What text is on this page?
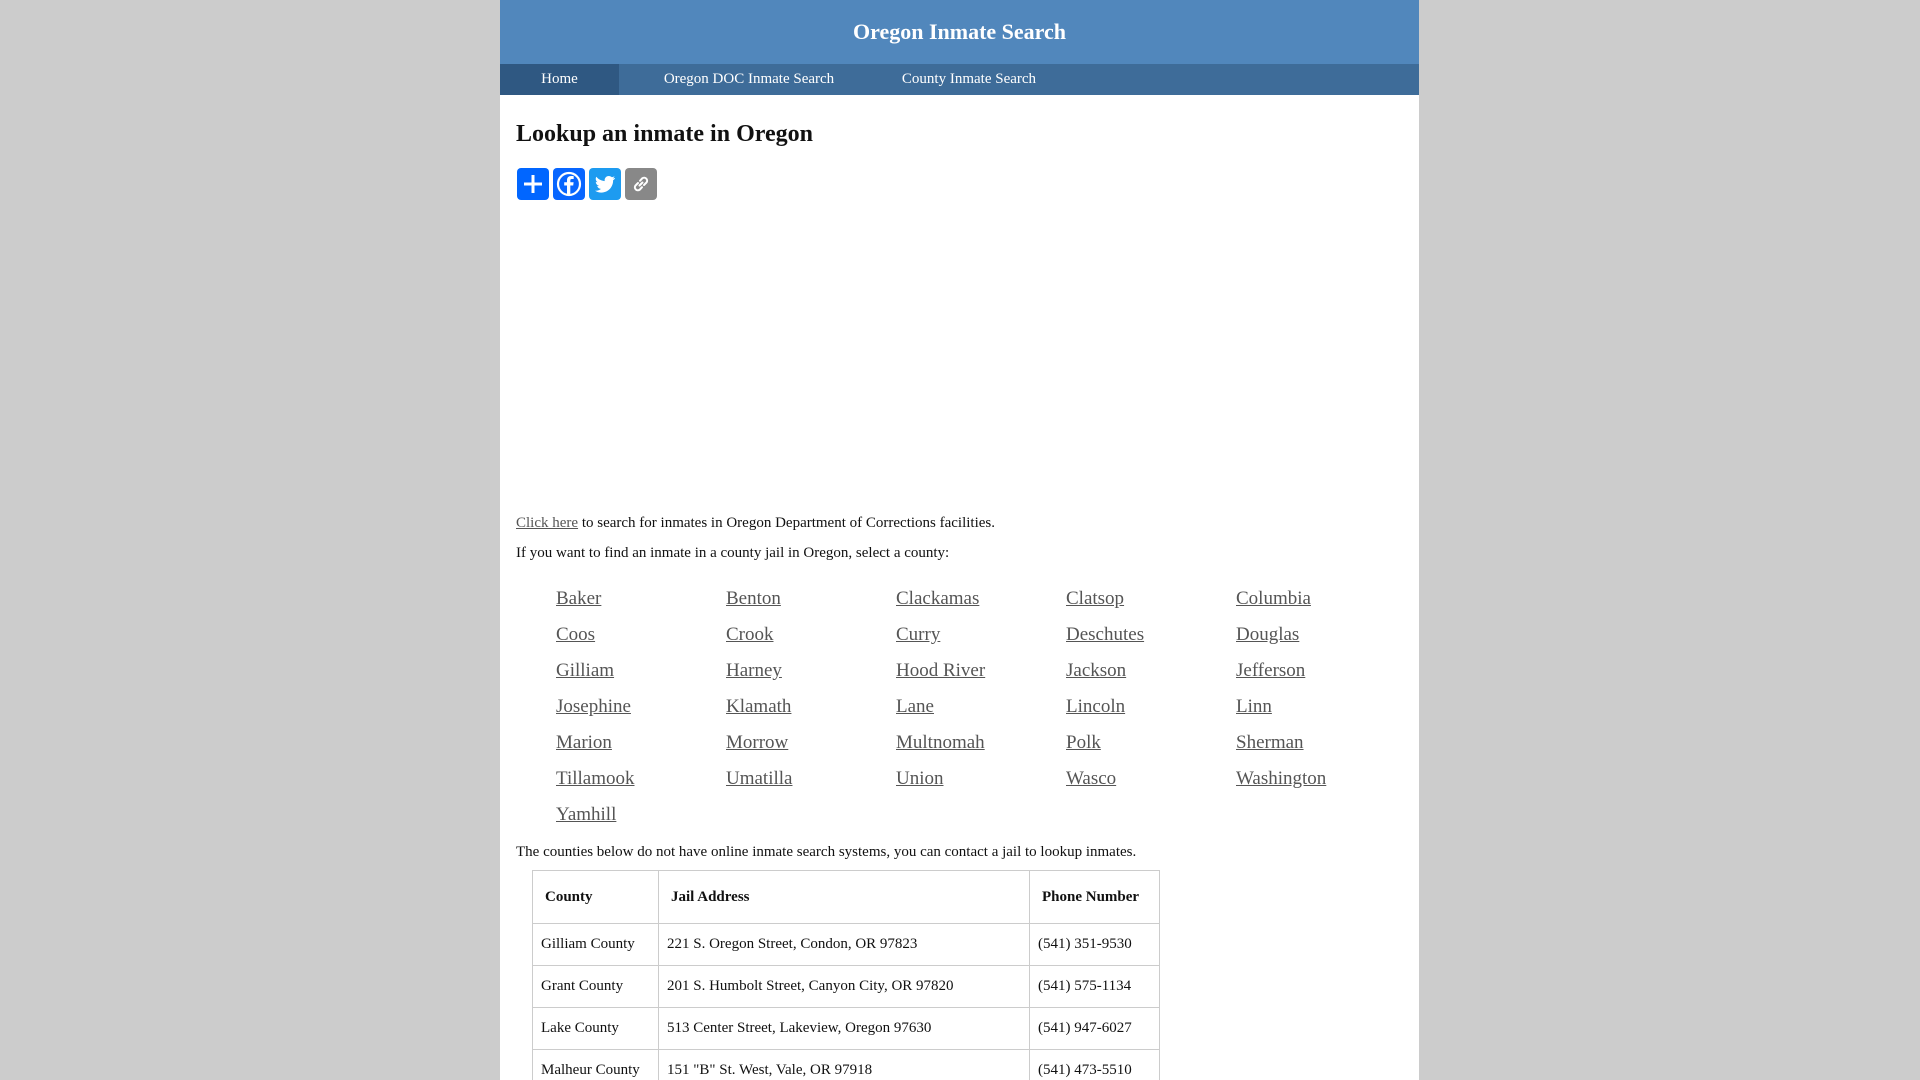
Oregon Inmate Search
Home	Oregon DOC Inmate Search	County Inmate Search
Lookup an inmate in Oregon

Click here to search for inmates in Oregon Department of Corrections facilities.

If you want to find an inmate in a county jail in Oregon, select a county:

Baker	Benton	Clackamas	Clatsop	Columbia
Coos	Crook	Curry	Deschutes	Douglas
Gilliam	Harney	Hood River	Jackson	Jefferson
Josephine	Klamath	Lane	Lincoln	Linn
Marion	Morrow	Multnomah	Polk	Sherman
Tillamook	Umatilla	Union	Wasco	Washington
Yamhill
The counties below do not have online inmate search systems, you can contact a jail to lookup inmates.
County	Jail Address	Phone Number
Gilliam County	221 S. Oregon Street, Condon, OR 97823	(541) 351-9530
Grant County	201 S. Humbolt Street, Canyon City, OR 97820	(541) 575-1134
Lake County	513 Center Street, Lakeview, Oregon 97630	(541) 947-6027
Malheur County	151 "B" St. West, Vale, OR 97918	(541) 473-5510
